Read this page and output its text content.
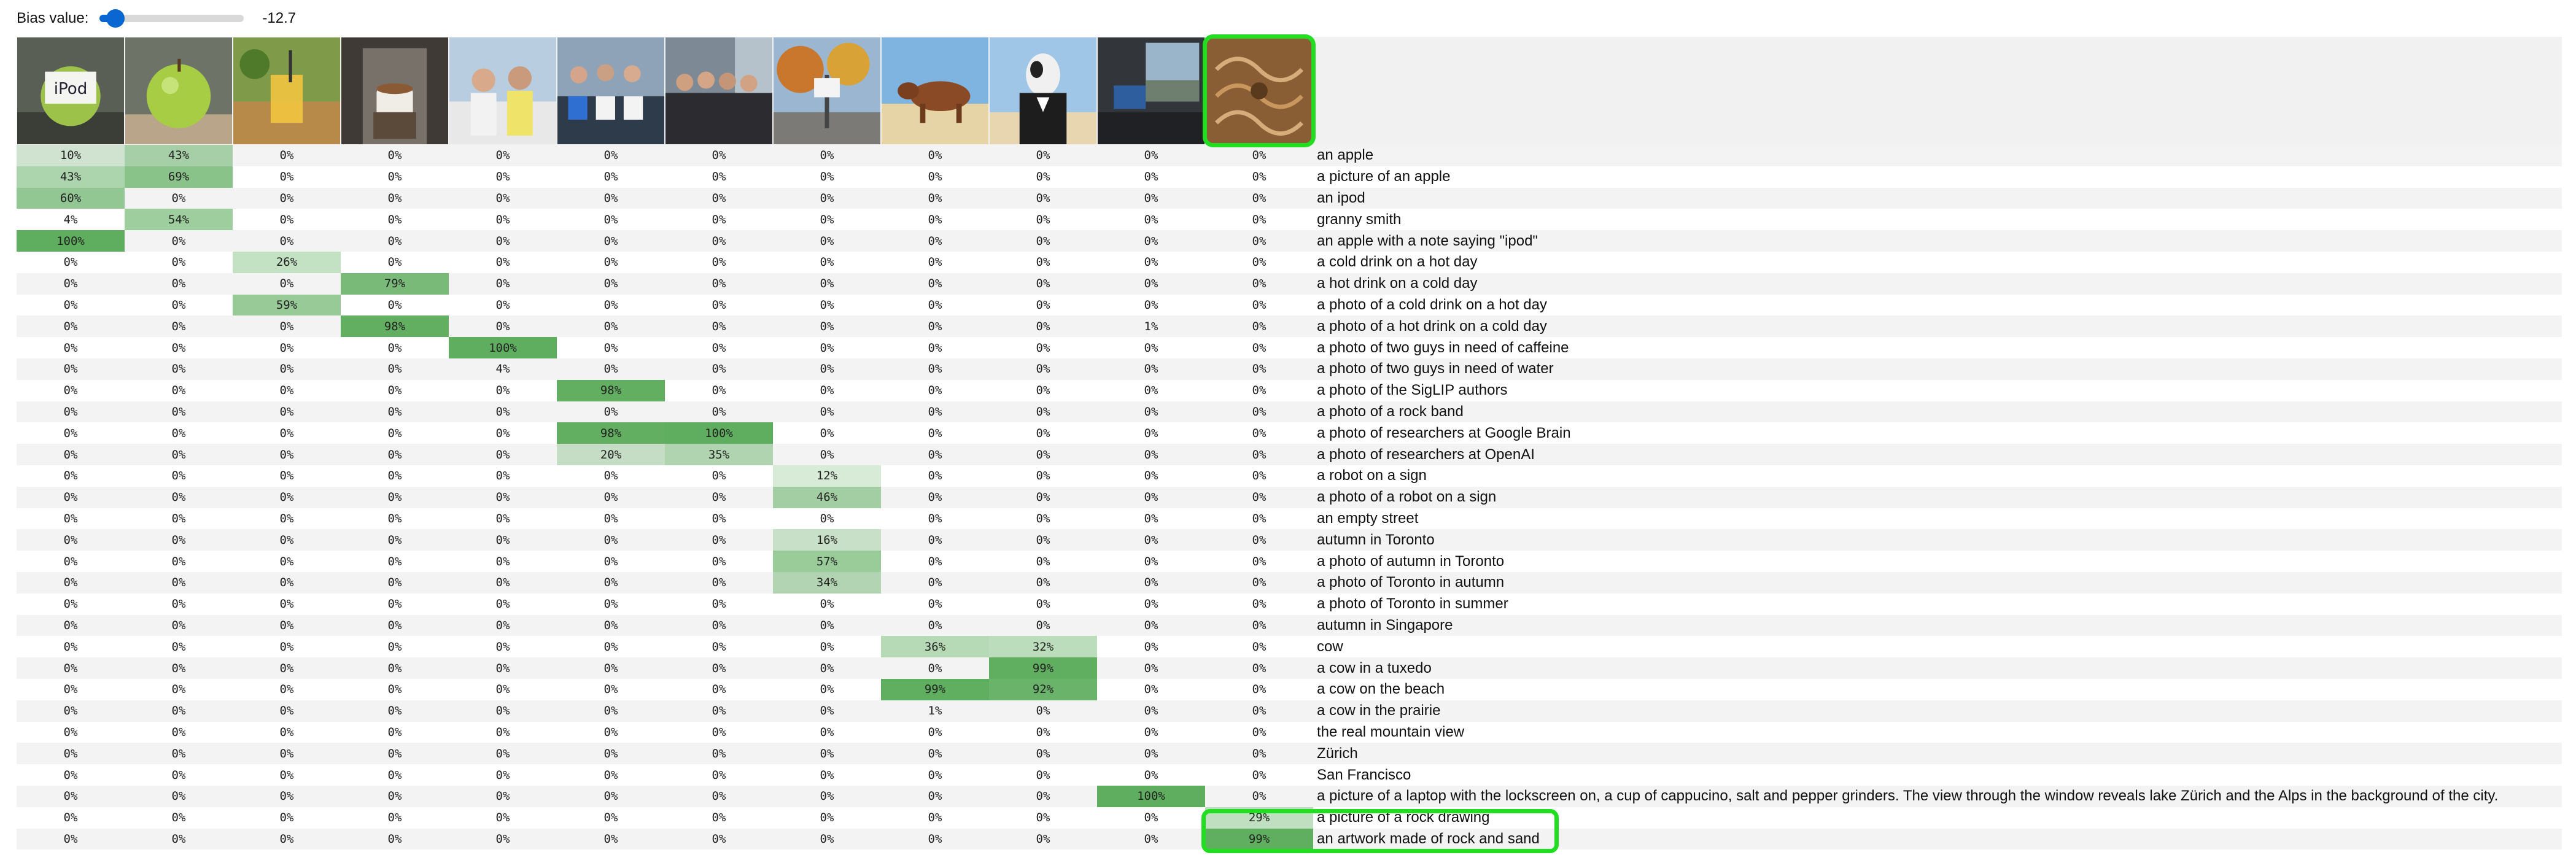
Bias value:	-12.7
iPod

10%	43%	0%	0%	0%	0%	0%	0%	0%	0%	0%	0%	an apple
43%	69%	0%	0%	0%	0%	0%	0%	0%	0%	0%	0%	a picture of an apple
60%	0%	0%	0%	0%	0%	0%	0%	0%	0%	0%	0%	an ipod
4%	54%	0%	0%	0%	0%	0%	0%	0%	0%	0%	0%	granny smith
100%	0%	0%	0%	0%	0%	0%	0%	0%	0%	0%	0%	an apple with a note saying "ipod"
0%	0%	26%	0%	0%	0%	0%	0%	0%	0%	0%	0%	a cold drink on a hot day
0%	0%	0%	79%	0%	0%	0%	0%	0%	0%	0%	0%	a hot drink on a cold day
0%	0%	59%	0%	0%	0%	0%	0%	0%	0%	0%	0%	a photo of a cold drink on a hot day
0%	0%	0%	98%	0%	0%	0%	0%	0%	0%	1%	0%	a photo of a hot drink on a cold day
0%	0%	0%	0%	100%	0%	0%	0%	0%	0%	0%	0%	a photo of two guys in need of caffeine
0%	0%	0%	0%	4%	0%	0%	0%	0%	0%	0%	0%	a photo of two guys in need of water
0%	0%	0%	0%	0%	98%	0%	0%	0%	0%	0%	0%	a photo of the SigLIP authors
0%	0%	0%	0%	0%	0%	0%	0%	0%	0%	0%	0%	a photo of a rock band
0%	0%	0%	0%	0%	98%	100%	0%	0%	0%	0%	0%	a photo of researchers at Google Brain
0%	0%	0%	0%	0%	20%	35%	0%	0%	0%	0%	0%	a photo of researchers at OpenAI
0%	0%	0%	0%	0%	0%	0%	12%	0%	0%	0%	0%	a robot on a sign
0%	0%	0%	0%	0%	0%	0%	46%	0%	0%	0%	0%	a photo of a robot on a sign
0%	0%	0%	0%	0%	0%	0%	0%	0%	0%	0%	0%	an empty street
0%	0%	0%	0%	0%	0%	0%	16%	0%	0%	0%	0%	autumn in Toronto
0%	0%	0%	0%	0%	0%	0%	57%	0%	0%	0%	0%	a photo of autumn in Toronto
0%	0%	0%	0%	0%	0%	0%	34%	0%	0%	0%	0%	a photo of Toronto in autumn
0%	0%	0%	0%	0%	0%	0%	0%	0%	0%	0%	0%	a photo of Toronto in summer
0%	0%	0%	0%	0%	0%	0%	0%	0%	0%	0%	0%	autumn in Singapore
0%	0%	0%	0%	0%	0%	0%	0%	36%	32%	0%	0%	cow
0%	0%	0%	0%	0%	0%	0%	0%	0%	99%	0%	0%	a cow in a tuxedo
0%	0%	0%	0%	0%	0%	0%	0%	99%	92%	0%	0%	a cow on the beach
0%	0%	0%	0%	0%	0%	0%	0%	1%	0%	0%	0%	a cow in the prairie
0%	0%	0%	0%	0%	0%	0%	0%	0%	0%	0%	0%	the real mountain view
0%	0%	0%	0%	0%	0%	0%	0%	0%	0%	0%	0%	Zürich
0%	0%	0%	0%	0%	0%	0%	0%	0%	0%	0%	0%	San Francisco
0%	0%	0%	0%	0%	0%	0%	0%	0%	0%	100%	0%	a picture of a laptop with the lockscreen on, a cup of cappucino, salt and pepper grinders. The view through the window reveals lake Zürich and the Alps in the background of the city.
0%	0%	0%	0%	0%	0%	0%	0%	0%	0%	0%	29%	a picture of a rock drawing
0%	0%	0%	0%	0%	0%	0%	0%	0%	0%	0%	99%	an artwork made of rock and sand
